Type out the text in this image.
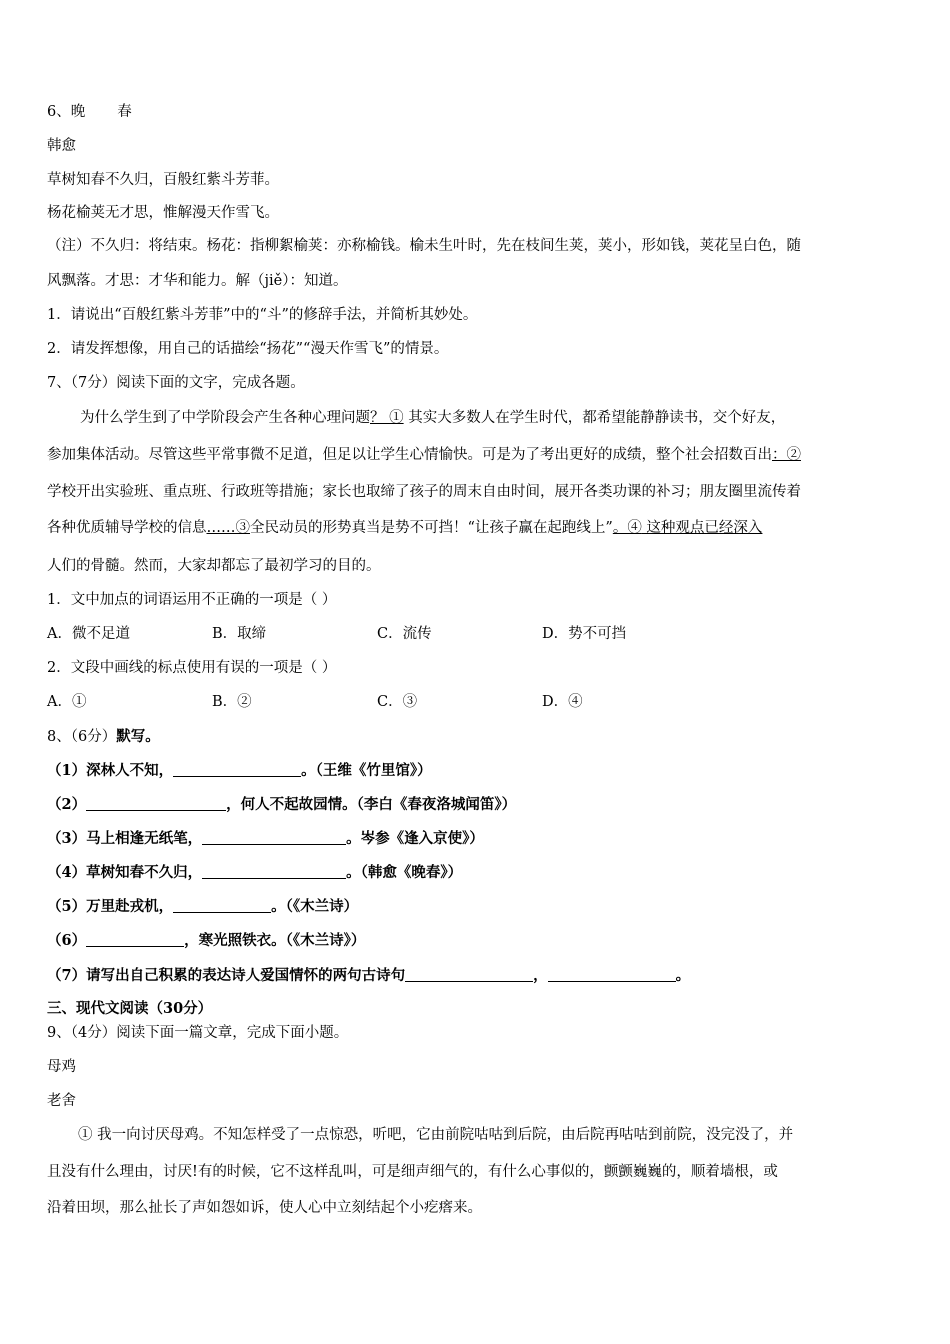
6、晚 春
韩愈
草树知春不久归，百般红紫斗芳菲。
杨花榆荚无才思，惟解漫天作雪飞。
（注）不久归：将结束。杨花：指柳絮榆荚：亦称榆钱。榆未生叶时，先在枝间生荚，荚小，形如钱，荚花呈白色，随
风飘落。才思：才华和能力。解（jiě）：知道。
1．请说出“百般红紫斗芳菲”中的“斗”的修辞手法，并简析其妙处。
2．请发挥想像，用自己的话描绘“扬花”“漫天作雪飞”的情景。
7、（7分）阅读下面的文字，完成各题。
为什么学生到了中学阶段会产生各种心理问题？ ① 其实大多数人在学生时代，都希望能静静读书，交个好友，
参加集体活动。尽管这些平常事微不足道，但足以让学生心情愉快。可是为了考出更好的成绩，整个社会招数百出：②
学校开出实验班、重点班、行政班等措施；家长也取缔了孩子的周末自由时间，展开各类功课的补习；朋友圈里流传着
各种优质辅导学校的信息……③全民动员的形势真当是势不可挡！“让孩子赢在起跑线上”。④ 这种观点已经深入
人们的骨髓。然而，大家却都忘了最初学习的目的。
1．文中加点的词语运用不正确的一项是（ ）
A．微不足道	B．取缔	C．流传	D．势不可挡
2．文段中画线的标点使用有误的一项是（ ）
A．①	B．②	C．③	D．④
8、（6分）默写。
（1）深林人不知，	。（王维《竹里馆》）
（2）	，何人不起故园情。（李白《春夜洛城闻笛》）
（3）马上相逢无纸笔，	。岑参《逢入京使》）
（4）草树知春不久归，	。（韩愈《晚春》）
（5）万里赴戎机，	。（《木兰诗）
（6）	，寒光照铁衣。（《木兰诗》）
（7）请写出自己积累的表达诗人爱国情怀的两句古诗句	，	。
三、现代文阅读（30分）
9、（4分）阅读下面一篇文章，完成下面小题。
母鸡
老舍
① 我一向讨厌母鸡。不知怎样受了一点惊恐，听吧，它由前院咕咕到后院，由后院再咕咕到前院，没完没了，并
且没有什么理由，讨厌!有的时候，它不这样乱叫，可是细声细气的，有什么心事似的，颤颤巍巍的，顺着墙根，或
沿着田坝，那么扯长了声如怨如诉，使人心中立刻结起个小疙瘩来。
